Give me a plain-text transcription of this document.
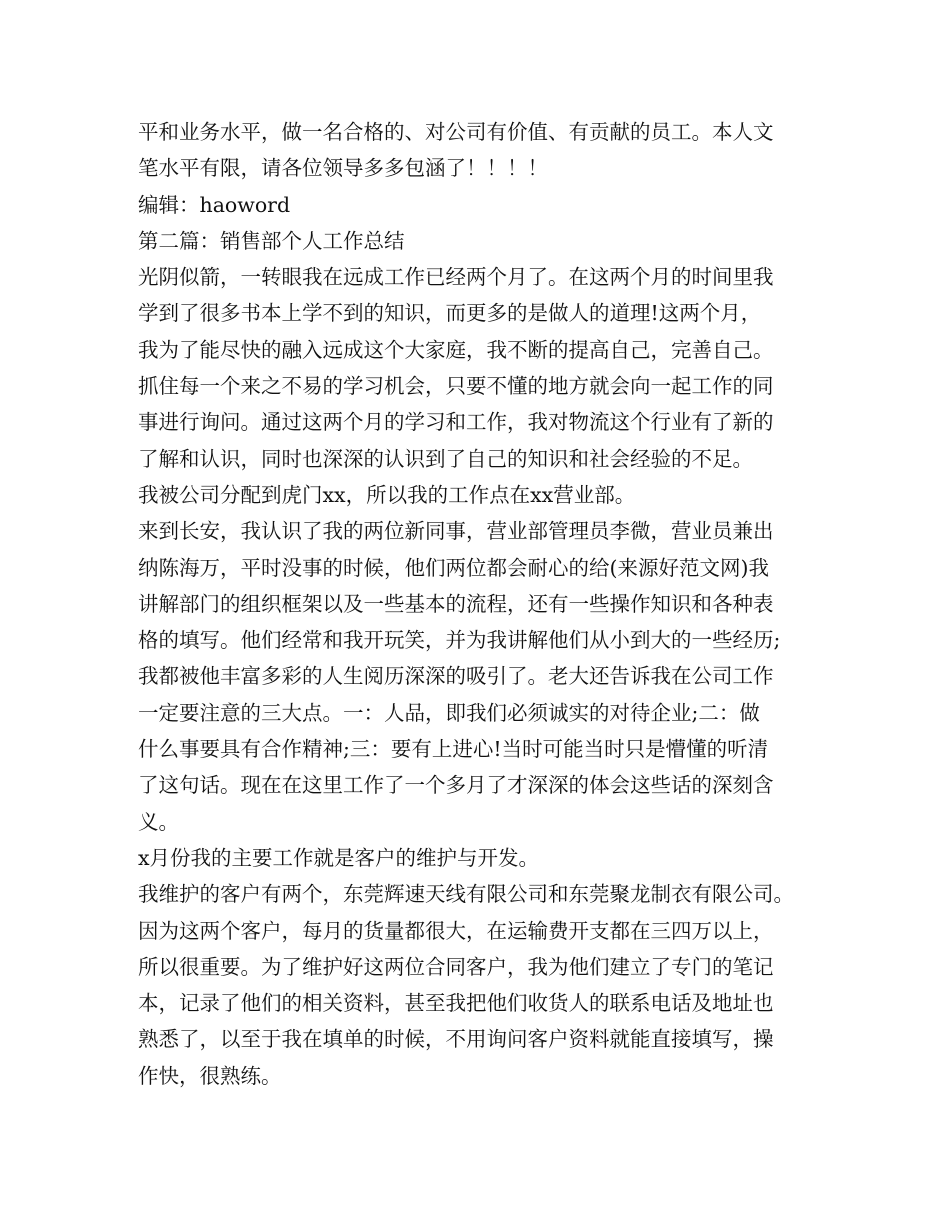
平和业务水平，做一名合格的、对公司有价值、有贡献的员工。本人文
笔水平有限，请各位领导多多包涵了！！！！
编辑：haoword
第二篇：销售部个人工作总结
光阴似箭，一转眼我在远成工作已经两个月了。在这两个月的时间里我
学到了很多书本上学不到的知识，而更多的是做人的道理!这两个月，
我为了能尽快的融入远成这个大家庭，我不断的提高自己，完善自己。
抓住每一个来之不易的学习机会，只要不懂的地方就会向一起工作的同
事进行询问。通过这两个月的学习和工作，我对物流这个行业有了新的
了解和认识，同时也深深的认识到了自己的知识和社会经验的不足。
我被公司分配到虎门xx，所以我的工作点在xx营业部。
来到长安，我认识了我的两位新同事，营业部管理员李微，营业员兼出
纳陈海万，平时没事的时候，他们两位都会耐心的给(来源好范文网)我
讲解部门的组织框架以及一些基本的流程，还有一些操作知识和各种表
格的填写。他们经常和我开玩笑，并为我讲解他们从小到大的一些经历;
我都被他丰富多彩的人生阅历深深的吸引了。老大还告诉我在公司工作
一定要注意的三大点。一：人品，即我们必须诚实的对待企业;二：做
什么事要具有合作精神;三：要有上进心!当时可能当时只是懵懂的听清
了这句话。现在在这里工作了一个多月了才深深的体会这些话的深刻含
义。
x月份我的主要工作就是客户的维护与开发。
我维护的客户有两个，东莞辉速天线有限公司和东莞聚龙制衣有限公司。
因为这两个客户，每月的货量都很大，在运输费开支都在三四万以上，
所以很重要。为了维护好这两位合同客户，我为他们建立了专门的笔记
本，记录了他们的相关资料，甚至我把他们收货人的联系电话及地址也
熟悉了，以至于我在填单的时候，不用询问客户资料就能直接填写，操
作快，很熟练。
